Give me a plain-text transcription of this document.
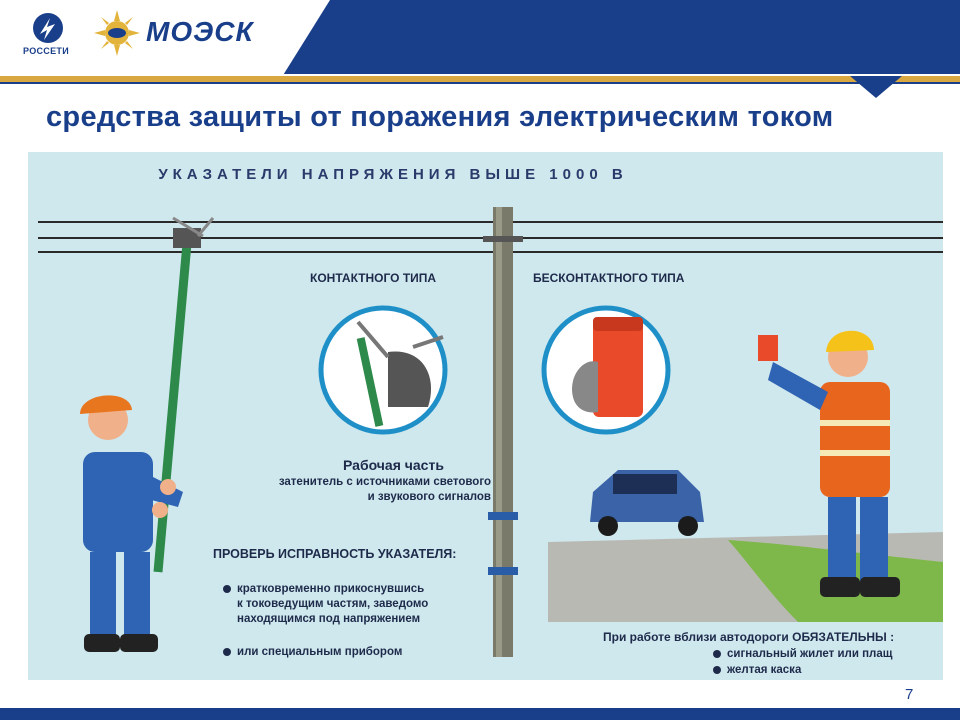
РОССЕТИ
МОЭСК
средства защиты от поражения электрическим током
УКАЗАТЕЛИ НАПРЯЖЕНИЯ ВЫШЕ 1000 В
КОНТАКТНОГО ТИПА	БЕСКОНТАКТНОГО ТИПА
Рабочая часть
затенитель с источниками светового
и звукового сигналов
ПРОВЕРЬ ИСПРАВНОСТЬ УКАЗАТЕЛЯ:
кратковременно прикоснувшись
к токоведущим частям, заведомо
находящимся под напряжением
или специальным прибором
При работе вблизи автодороги ОБЯЗАТЕЛЬНЫ :
сигнальный жилет или плащ
желтая каска
7
